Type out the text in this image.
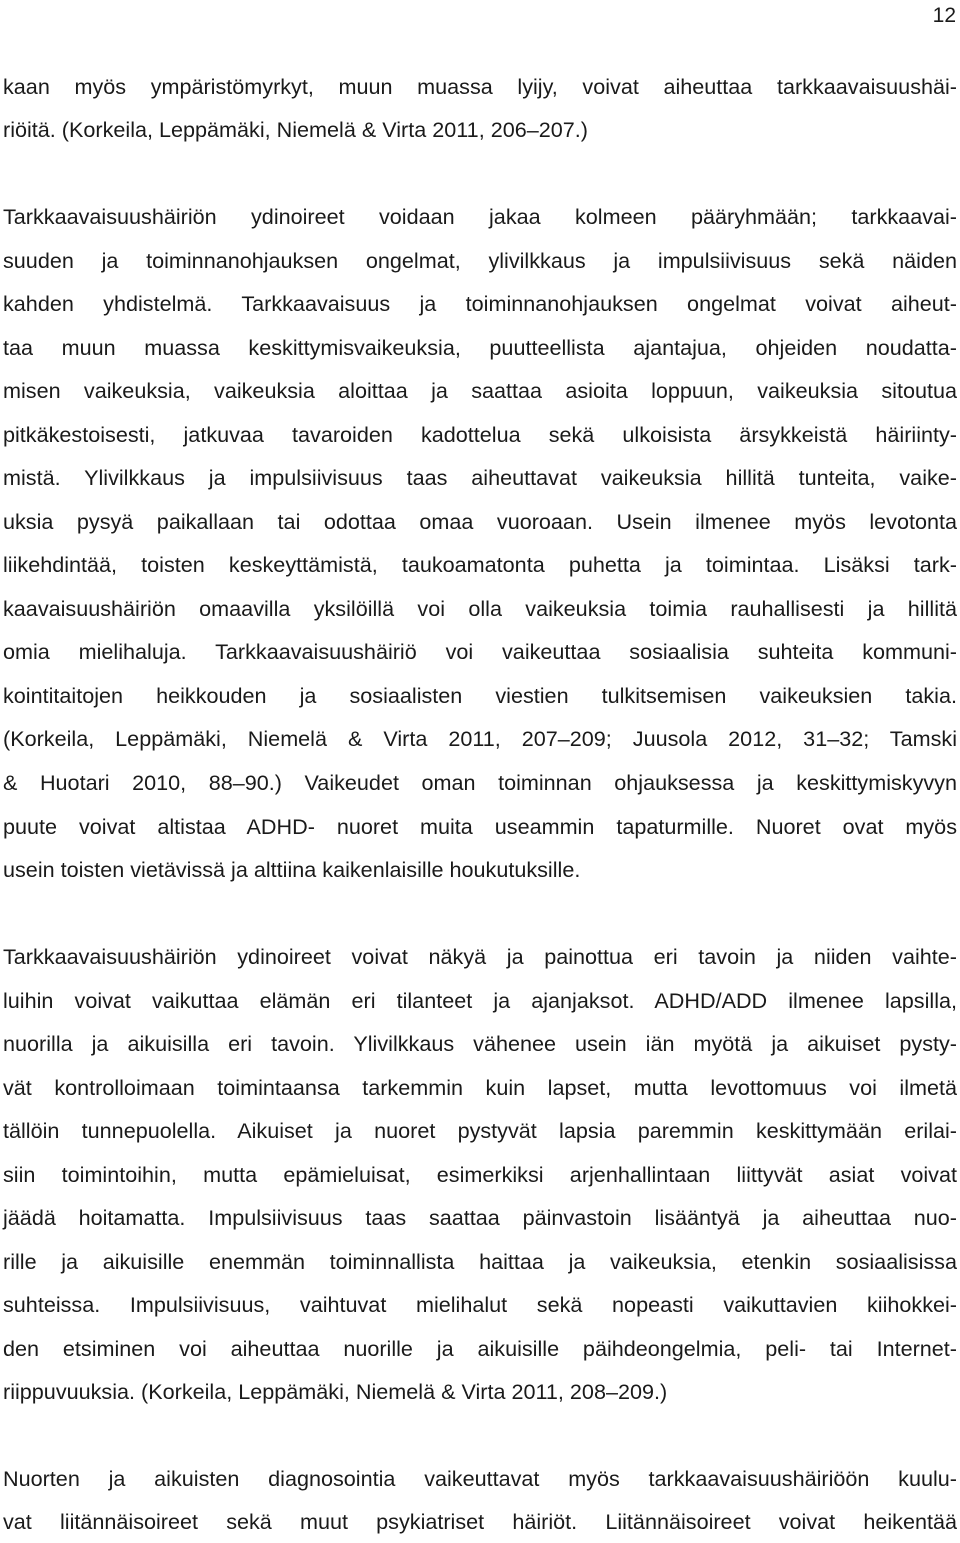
12
kaan myös ympäristömyrkyt, muun muassa lyijy, voivat aiheuttaa tarkkaavaisuushäi-
riöitä. (Korkeila, Leppämäki, Niemelä & Virta 2011, 206–207.)
Tarkkaavaisuushäiriön ydinoireet voidaan jakaa kolmeen pääryhmään; tarkkaavai-
suuden ja toiminnanohjauksen ongelmat, ylivilkkaus ja impulsiivisuus sekä näiden
kahden yhdistelmä. Tarkkaavaisuus ja toiminnanohjauksen ongelmat voivat aiheut-
taa muun muassa keskittymisvaikeuksia, puutteellista ajantajua, ohjeiden noudatta-
misen vaikeuksia, vaikeuksia aloittaa ja saattaa asioita loppuun, vaikeuksia sitoutua
pitkäkestoisesti, jatkuvaa tavaroiden kadottelua sekä ulkoisista ärsykkeistä häiriinty-
mistä. Ylivilkkaus ja impulsiivisuus taas aiheuttavat vaikeuksia hillitä tunteita, vaike-
uksia pysyä paikallaan tai odottaa omaa vuoroaan. Usein ilmenee myös levotonta
liikehdintää, toisten keskeyttämistä, taukoamatonta puhetta ja toimintaa. Lisäksi tark-
kaavaisuushäiriön omaavilla yksilöillä voi olla vaikeuksia toimia rauhallisesti ja hillitä
omia mielihaluja. Tarkkaavaisuushäiriö voi vaikeuttaa sosiaalisia suhteita kommuni-
kointitaitojen heikkouden ja sosiaalisten viestien tulkitsemisen vaikeuksien takia.
(Korkeila, Leppämäki, Niemelä & Virta 2011, 207–209; Juusola 2012, 31–32; Tamski
& Huotari 2010, 88–90.) Vaikeudet oman toiminnan ohjauksessa ja keskittymiskyvyn
puute voivat altistaa ADHD- nuoret muita useammin tapaturmille. Nuoret ovat myös
usein toisten vietävissä ja alttiina kaikenlaisille houkutuksille.
Tarkkaavaisuushäiriön ydinoireet voivat näkyä ja painottua eri tavoin ja niiden vaihte-
luihin voivat vaikuttaa elämän eri tilanteet ja ajanjaksot. ADHD/ADD ilmenee lapsilla,
nuorilla ja aikuisilla eri tavoin. Ylivilkkaus vähenee usein iän myötä ja aikuiset pysty-
vät kontrolloimaan toimintaansa tarkemmin kuin lapset, mutta levottomuus voi ilmetä
tällöin tunnepuolella. Aikuiset ja nuoret pystyvät lapsia paremmin keskittymään erilai-
siin toimintoihin, mutta epämieluisat, esimerkiksi arjenhallintaan liittyvät asiat voivat
jäädä hoitamatta. Impulsiivisuus taas saattaa päinvastoin lisääntyä ja aiheuttaa nuo-
rille ja aikuisille enemmän toiminnallista haittaa ja vaikeuksia, etenkin sosiaalisissa
suhteissa. Impulsiivisuus, vaihtuvat mielihalut sekä nopeasti vaikuttavien kiihokkei-
den etsiminen voi aiheuttaa nuorille ja aikuisille päihdeongelmia, peli- tai Internet-
riippuvuuksia. (Korkeila, Leppämäki, Niemelä & Virta 2011, 208–209.)
Nuorten ja aikuisten diagnosointia vaikeuttavat myös tarkkaavaisuushäiriöön kuulu-
vat liitännäisoireet sekä muut psykiatriset häiriöt. Liitännäisoireet voivat heikentää
